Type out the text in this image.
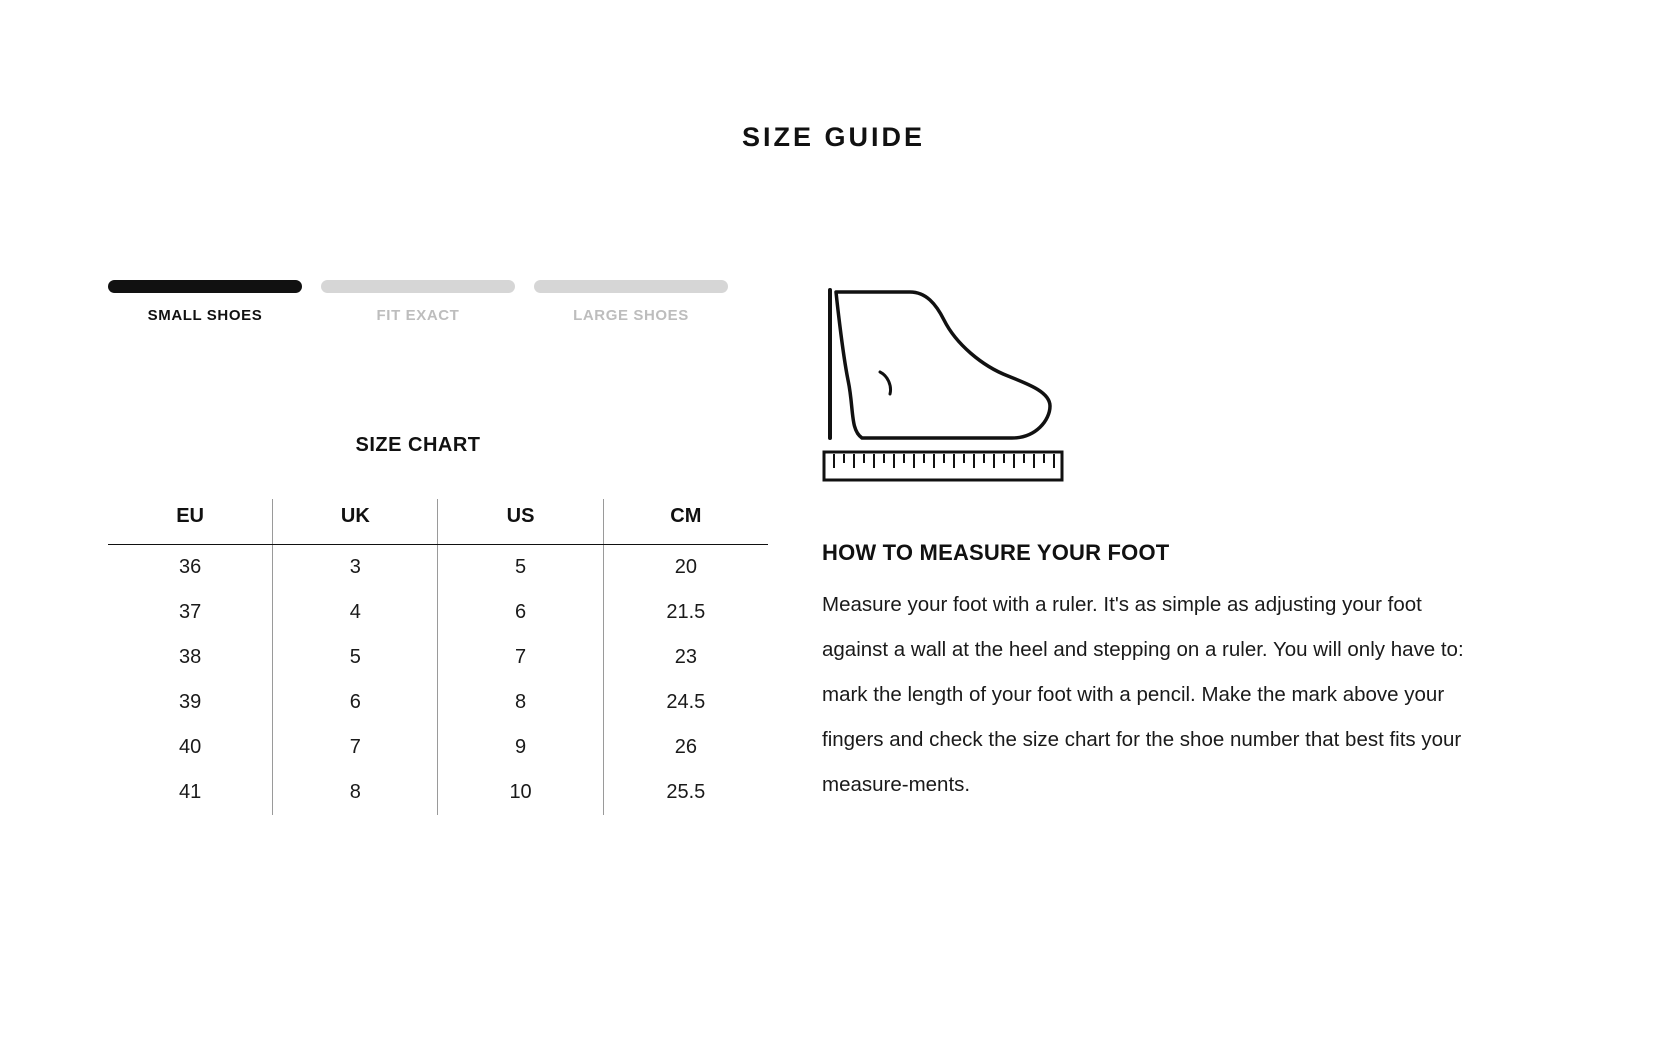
SIZE GUIDE
SMALL SHOES	FIT EXACT	LARGE SHOES
SIZE CHART
EU	UK	US	CM
36	3	5	20
37	4	6	21.5
38	5	7	23
39	6	8	24.5
40	7	9	26
41	8	10	25.5
HOW TO MEASURE YOUR FOOT
Measure your foot with a ruler. It's as simple as adjusting your foot against a wall at the heel and stepping on a ruler. You will only have to: mark the length of your foot with a pencil. Make the mark above your fingers and check the size chart for the shoe number that best fits your measure-ments.
